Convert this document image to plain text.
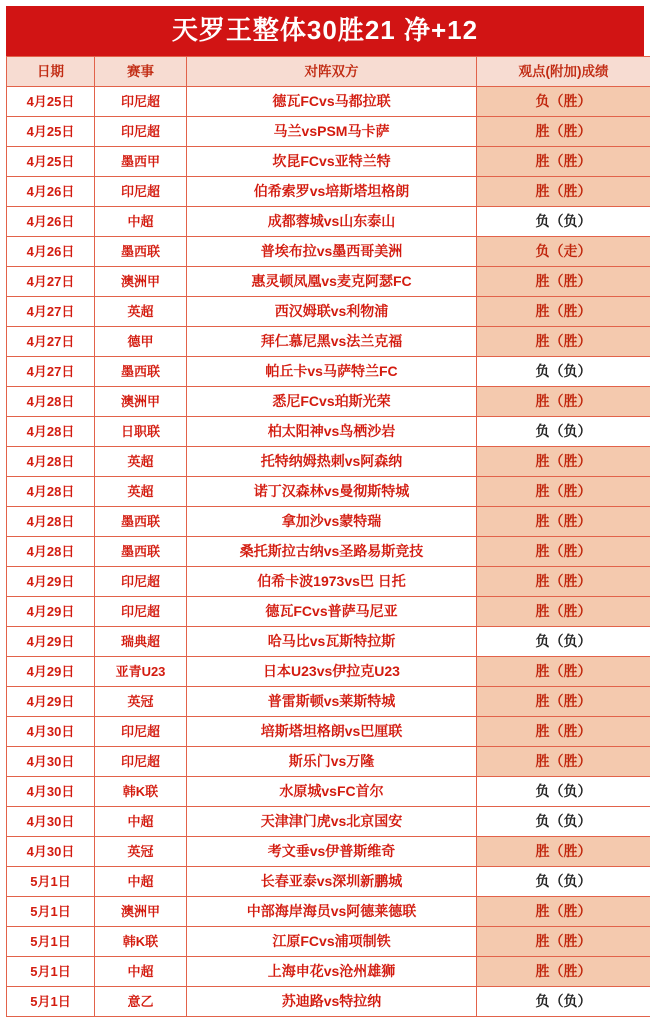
天罗王整体30胜21 净+12
日期	赛事	对阵双方	观点(附加)成绩
4月25日	印尼超	德瓦FCvs马都拉联	负（胜）
4月25日	印尼超	马兰vsPSM马卡萨	胜（胜）
4月25日	墨西甲	坎昆FCvs亚特兰特	胜（胜）
4月26日	印尼超	伯希索罗vs培斯塔坦格朗	胜（胜）
4月26日	中超	成都蓉城vs山东泰山	负（负）
4月26日	墨西联	普埃布拉vs墨西哥美洲	负（走）
4月27日	澳洲甲	惠灵顿凤凰vs麦克阿瑟FC	胜（胜）
4月27日	英超	西汉姆联vs利物浦	胜（胜）
4月27日	德甲	拜仁慕尼黑vs法兰克福	胜（胜）
4月27日	墨西联	帕丘卡vs马萨特兰FC	负（负）
4月28日	澳洲甲	悉尼FCvs珀斯光荣	胜（胜）
4月28日	日职联	柏太阳神vs鸟栖沙岩	负（负）
4月28日	英超	托特纳姆热刺vs阿森纳	胜（胜）
4月28日	英超	诺丁汉森林vs曼彻斯特城	胜（胜）
4月28日	墨西联	拿加沙vs蒙特瑞	胜（胜）
4月28日	墨西联	桑托斯拉古纳vs圣路易斯竞技	胜（胜）
4月29日	印尼超	伯希卡波1973vs巴 日托	胜（胜）
4月29日	印尼超	德瓦FCvs普萨马尼亚	胜（胜）
4月29日	瑞典超	哈马比vs瓦斯特拉斯	负（负）
4月29日	亚青U23	日本U23vs伊拉克U23	胜（胜）
4月29日	英冠	普雷斯顿vs莱斯特城	胜（胜）
4月30日	印尼超	培斯塔坦格朗vs巴厘联	胜（胜）
4月30日	印尼超	斯乐门vs万隆	胜（胜）
4月30日	韩K联	水原城vsFC首尔	负（负）
4月30日	中超	天津津门虎vs北京国安	负（负）
4月30日	英冠	考文垂vs伊普斯维奇	胜（胜）
5月1日	中超	长春亚泰vs深圳新鹏城	负（负）
5月1日	澳洲甲	中部海岸海员vs阿德莱德联	胜（胜）
5月1日	韩K联	江原FCvs浦项制铁	胜（胜）
5月1日	中超	上海申花vs沧州雄狮	胜（胜）
5月1日	意乙	苏迪路vs特拉纳	负（负）
